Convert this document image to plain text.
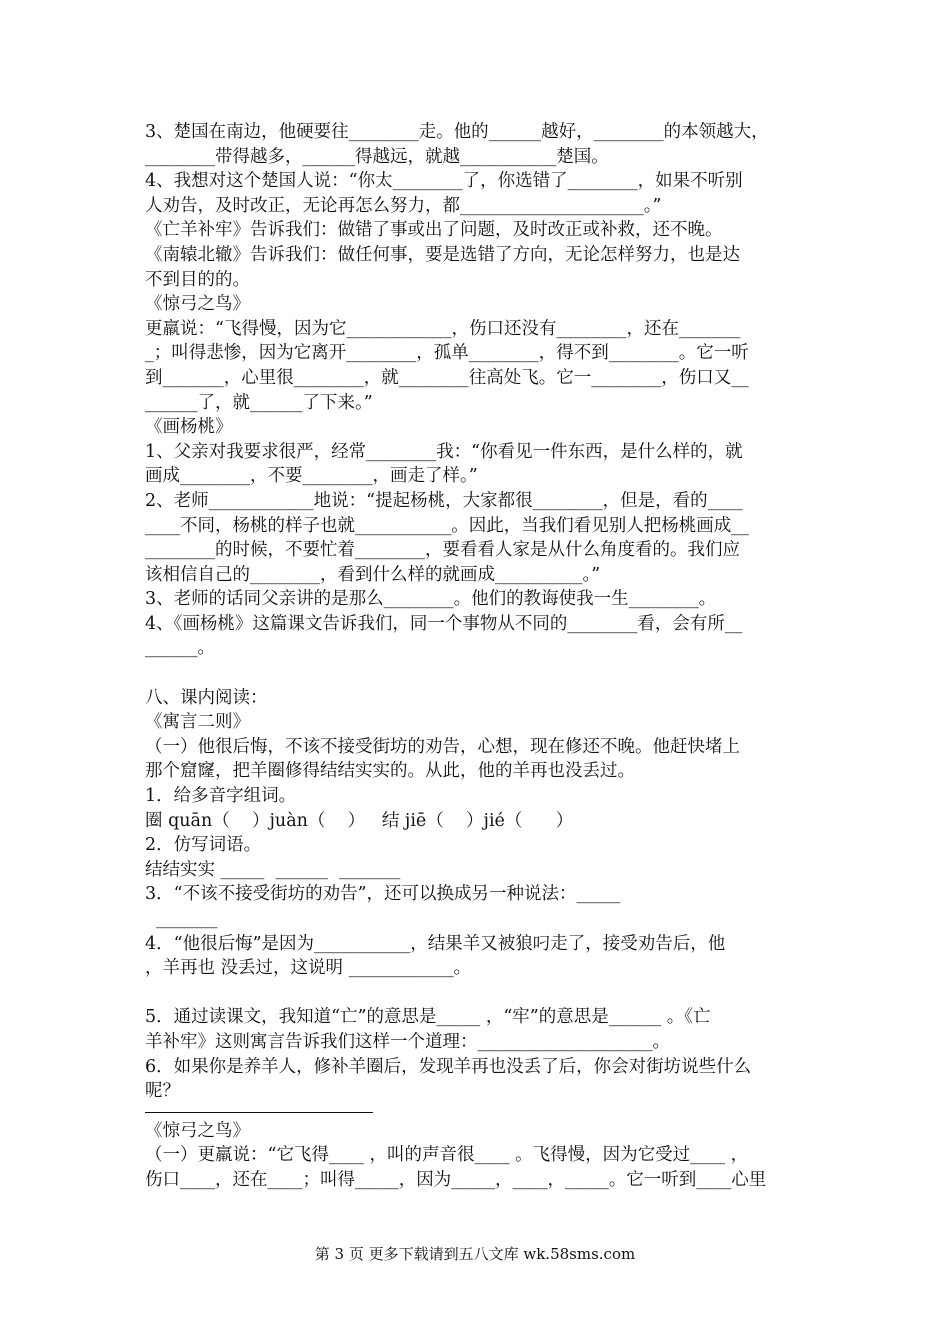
3、楚国在南边，他硬要往________走。他的______越好，________的本领越大，
________带得越多，______得越远，就越___________楚国。
4、我想对这个楚国人说：“你太________了，你选错了________，如果不听别
人劝告，及时改正，无论再怎么努力，都_____________________。”
《亡羊补牢》告诉我们：做错了事或出了问题，及时改正或补救，还不晚。
《南辕北辙》告诉我们：做任何事，要是选错了方向，无论怎样努力，也是达
不到目的的。
《惊弓之鸟》
更羸说：“飞得慢，因为它____________，伤口还没有________，还在_______
_；叫得悲惨，因为它离开________，孤单________，得不到________。它一听
到_______，心里很________，就________往高处飞。它一________，伤口又__
______了，就______了下来。”
《画杨桃》
1、父亲对我要求很严，经常________我：“你看见一件东西，是什么样的，就
画成________，不要________，画走了样。”
2、老师____________地说：“提起杨桃，大家都很________，但是，看的____
____不同，杨桃的样子也就___________。因此，当我们看见别人把杨桃画成__
________的时候，不要忙着________，要看看人家是从什么角度看的。我们应
该相信自己的________，看到什么样的就画成__________。”
3、老师的话同父亲讲的是那么________。他们的教诲使我一生________。
4、《画杨桃》这篇课文告诉我们，同一个事物从不同的________看，会有所__
______。
八、课内阅读：
《寓言二则》
（一）他很后悔，不该不接受街坊的劝告，心想，现在修还不晚。他赶快堵上
那个窟窿，把羊圈修得结结实实的。从此，他的羊再也没丢过。
1．给多音字组词。
圈 quān（    ）juàn（    ）   结 jiē（    ）jié（      ）
2．仿写词语。
结结实实 _____  ______  _______
3．“不该不接受街坊的劝告”，还可以换成另一种说法：_____
_______
4．“他很后悔”是因为___________，结果羊又被狼叼走了，接受劝告后，他
，羊再也 没丢过，这说明 ____________。
5．通过读课文，我知道“亡”的意思是_____ ，“牢”的意思是______ 。《亡
羊补牢》这则寓言告诉我们这样一个道理：____________________。
6．如果你是养羊人，修补羊圈后，发现羊再也没丢了后，你会对街坊说些什么
呢？
《惊弓之鸟》
（一）更羸说：“它飞得____ ，叫的声音很____ 。飞得慢，因为它受过____ ，
伤口____，还在____；叫得_____，因为_____，____，_____。它一听到____心里
第 3 页 更多下载请到五八文库 wk.58sms.com
